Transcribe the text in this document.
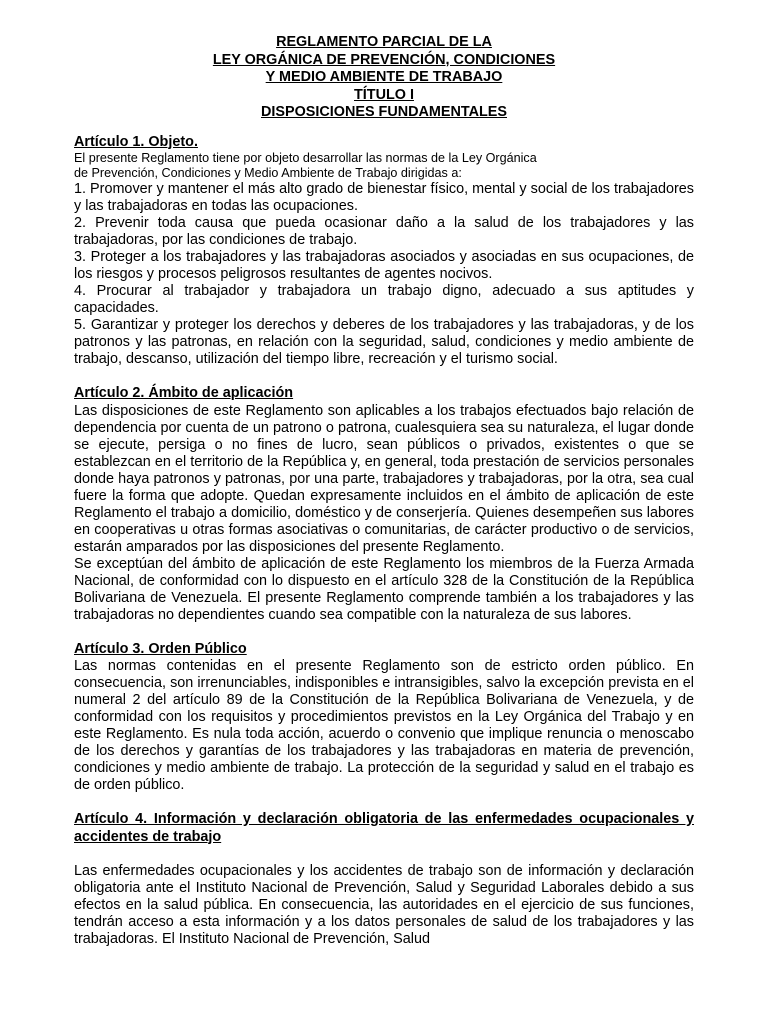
REGLAMENTO PARCIAL DE LA
LEY ORGÁNICA DE PREVENCIÓN, CONDICIONES
Y MEDIO AMBIENTE DE TRABAJO
TÍTULO I
DISPOSICIONES FUNDAMENTALES
Artículo 1. Objeto.
El presente Reglamento tiene por objeto desarrollar las normas de la Ley Orgánica
de Prevención, Condiciones y Medio Ambiente de Trabajo dirigidas a:

1. Promover y mantener el más alto grado de bienestar físico, mental y social de los trabajadores y las trabajadoras en todas las ocupaciones.

2. Prevenir toda causa que pueda ocasionar daño a la salud de los trabajadores y las trabajadoras, por las condiciones de trabajo.

3. Proteger a los trabajadores y las trabajadoras asociados y asociadas en sus ocupaciones, de los riesgos y procesos peligrosos resultantes de agentes nocivos.

4. Procurar al trabajador y trabajadora un trabajo digno, adecuado a sus aptitudes y capacidades.

5. Garantizar y proteger los derechos y deberes de los trabajadores y las trabajadoras, y de los patronos y las patronas, en relación con la seguridad, salud, condiciones y medio ambiente de trabajo, descanso, utilización del tiempo libre, recreación y el turismo social.

Artículo 2. Ámbito de aplicación

Las disposiciones de este Reglamento son aplicables a los trabajos efectuados bajo relación de dependencia por cuenta de un patrono o patrona, cualesquiera sea su naturaleza, el lugar donde se ejecute, persiga o no fines de lucro, sean públicos o privados, existentes o que se establezcan en el territorio de la República y, en general, toda prestación de servicios personales donde haya patronos y patronas, por una parte, trabajadores y trabajadoras, por la otra, sea cual fuere la forma que adopte. Quedan expresamente incluidos en el ámbito de aplicación de este Reglamento el trabajo a domicilio, doméstico y de conserjería. Quienes desempeñen sus labores en cooperativas u otras formas asociativas o comunitarias, de carácter productivo o de servicios, estarán amparados por las disposiciones del presente Reglamento.

Se exceptúan del ámbito de aplicación de este Reglamento los miembros de la Fuerza Armada Nacional, de conformidad con lo dispuesto en el artículo 328 de la Constitución de la República Bolivariana de Venezuela. El presente Reglamento comprende también a los trabajadores y las trabajadoras no dependientes cuando sea compatible con la naturaleza de sus labores.

Artículo 3. Orden Público

Las normas contenidas en el presente Reglamento son de estricto orden público. En consecuencia, son irrenunciables, indisponibles e intransigibles, salvo la excepción prevista en el numeral 2 del artículo 89 de la Constitución de la República Bolivariana de Venezuela, y de conformidad con los requisitos y procedimientos previstos en la Ley Orgánica del Trabajo y en este Reglamento. Es nula toda acción, acuerdo o convenio que implique renuncia o menoscabo de los derechos y garantías de los trabajadores y las trabajadoras en materia de prevención, condiciones y medio ambiente de trabajo. La protección de la seguridad y salud en el trabajo es de orden público.

Artículo 4. Información y declaración obligatoria de las enfermedades ocupacionales y accidentes de trabajo

Las enfermedades ocupacionales y los accidentes de trabajo son de información y declaración obligatoria ante el Instituto Nacional de Prevención, Salud y Seguridad Laborales debido a sus efectos en la salud pública. En consecuencia, las autoridades en el ejercicio de sus funciones, tendrán acceso a esta información y a los datos personales de salud de los trabajadores y las trabajadoras. El Instituto Nacional de Prevención, Salud
